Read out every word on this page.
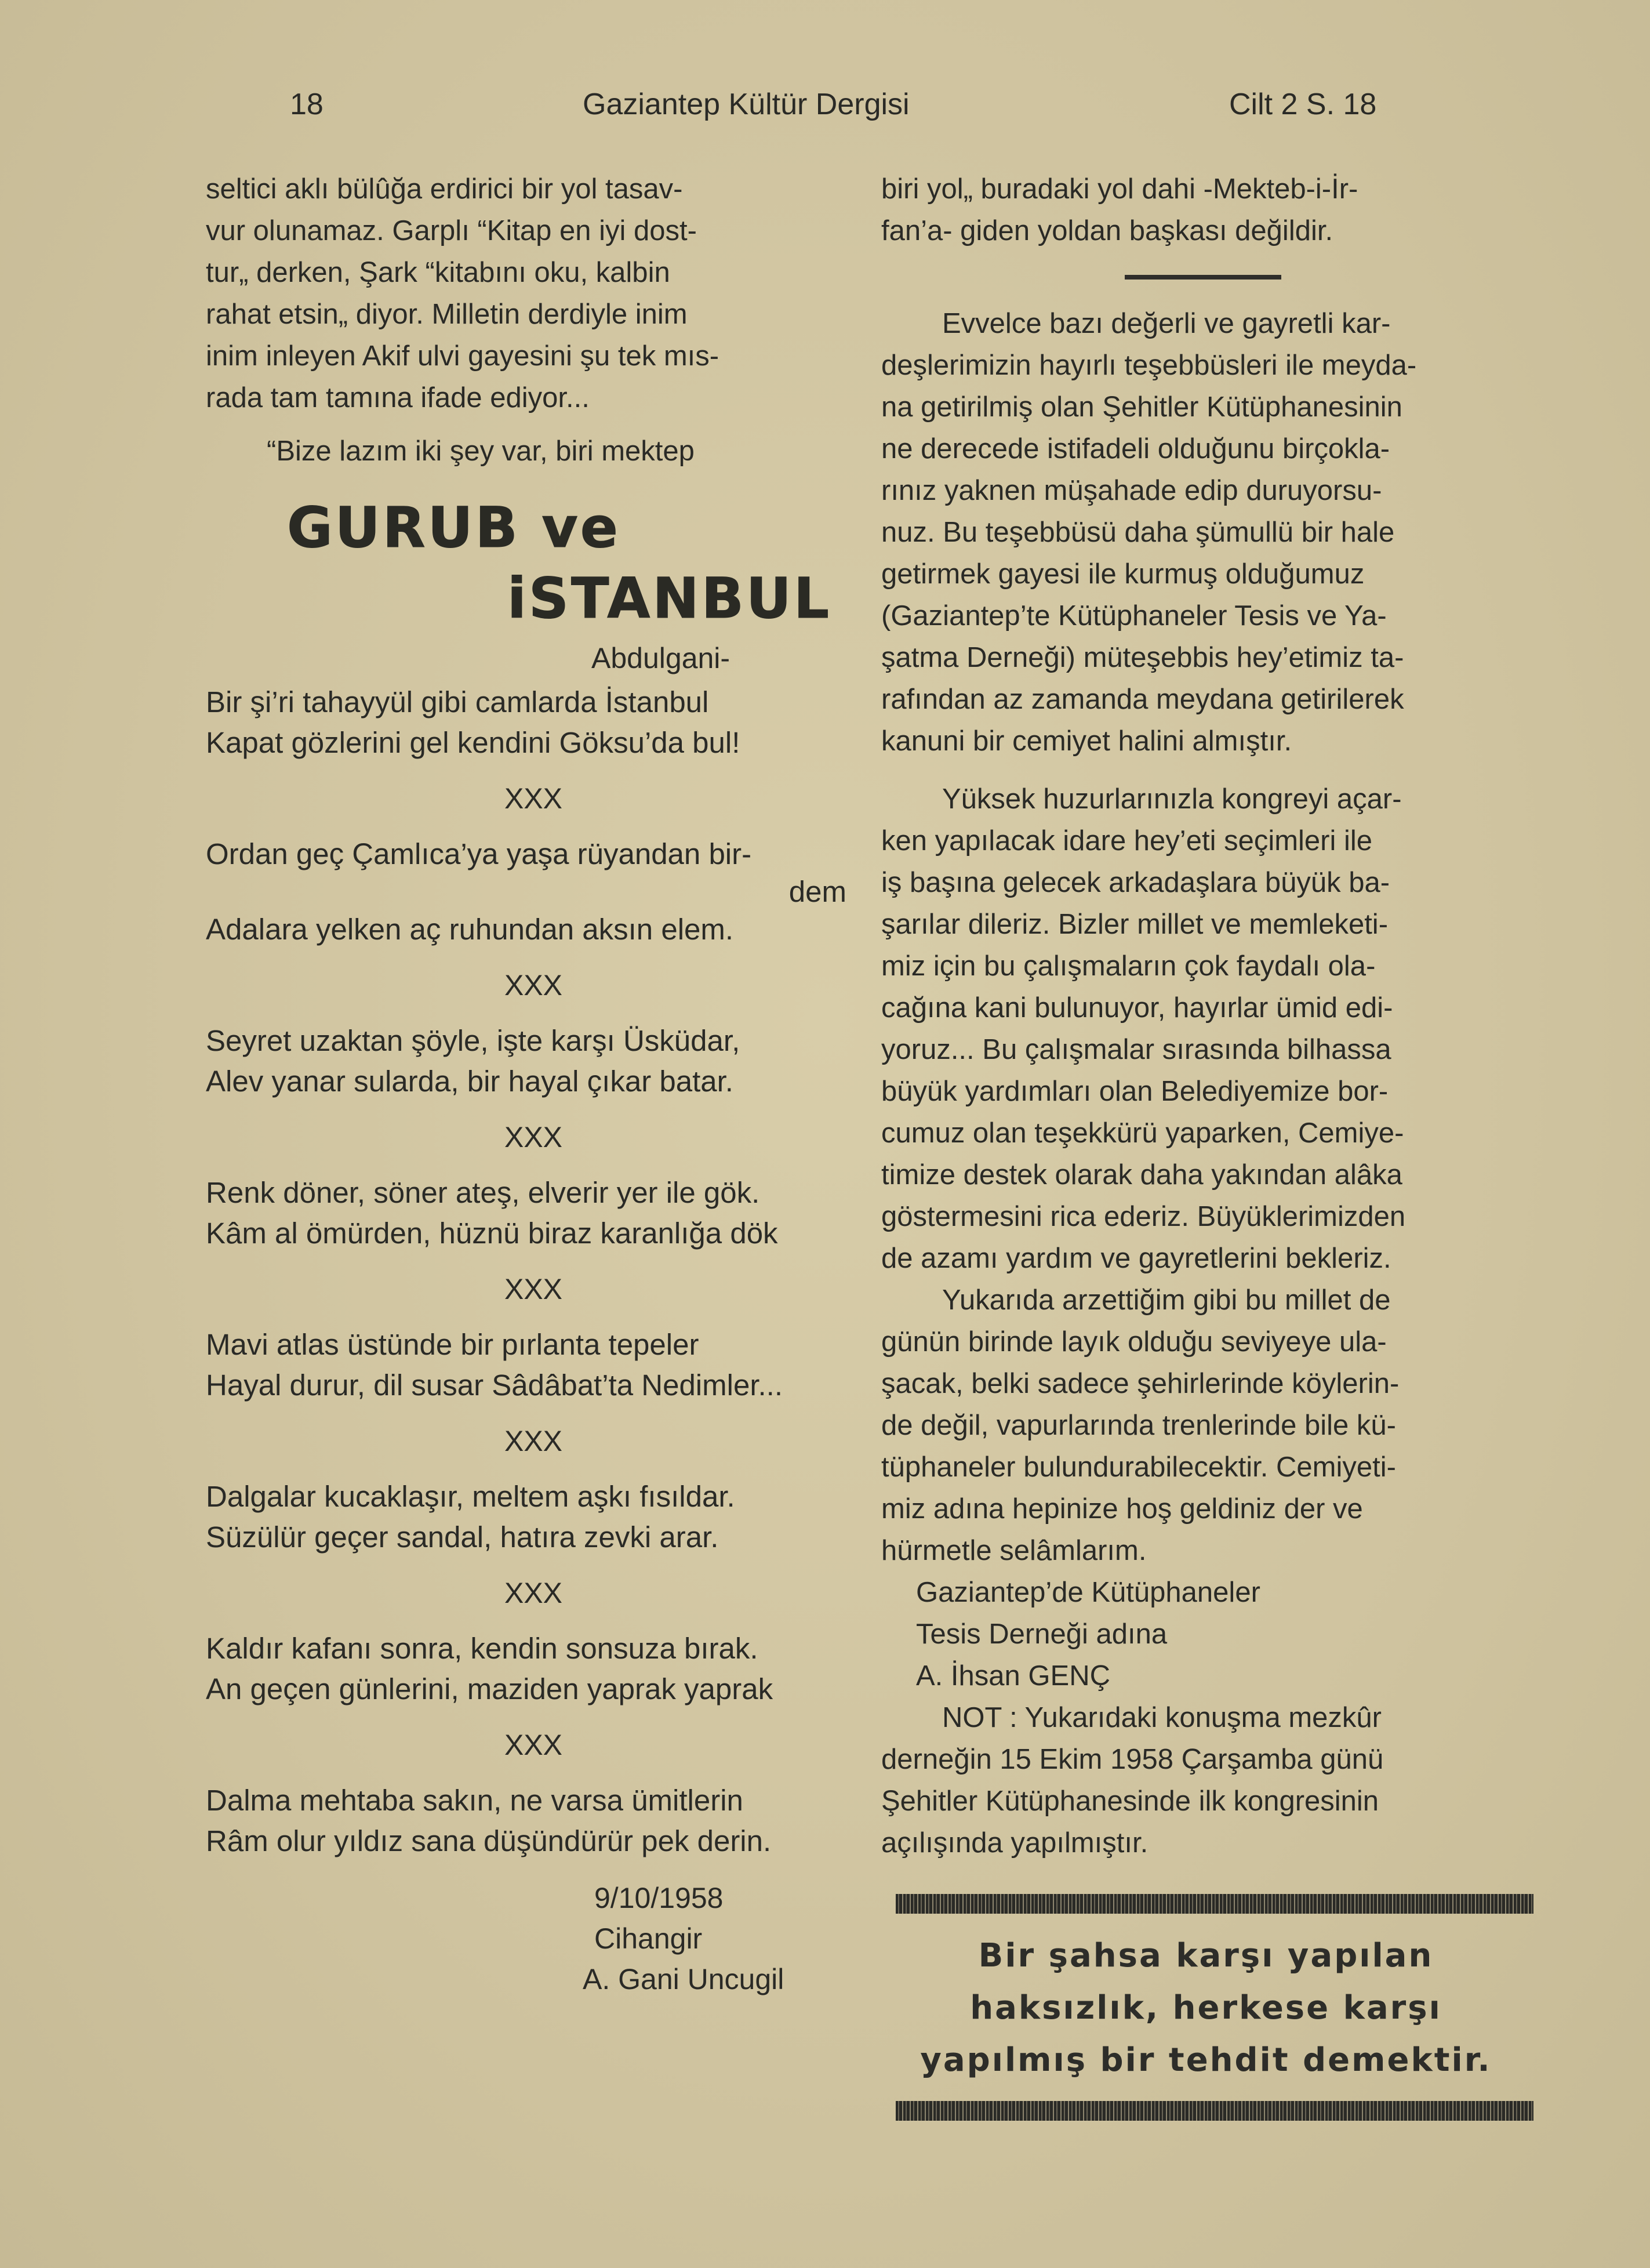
18	Gaziantep Kültür Dergisi	Cilt 2 S. 18

seltici aklı bülûğa erdirici bir yol tasav-

vur olunamaz. Garplı “Kitap en iyi dost-

tur„ derken, Şark “kitabını oku, kalbin

rahat etsin„ diyor. Milletin derdiyle inim

inim inleyen Akif ulvi gayesini şu tek mıs-

rada tam tamına ifade ediyor...

“Bize lazım iki şey var, biri mektep

GURUB ve
iSTANBUL
Abdulgani-

Bir şi’ri tahayyül gibi camlarda İstanbul

Kapat gözlerini gel kendini Göksu’da bul!

XXX

Ordan geç Çamlıca’ya yaşa rüyandan bir-

dem

Adalara yelken aç ruhundan aksın elem.

XXX

Seyret uzaktan şöyle, işte karşı Üsküdar,

Alev yanar sularda, bir hayal çıkar batar.

XXX

Renk döner, söner ateş, elverir yer ile gök.

Kâm al ömürden, hüznü biraz karanlığa dök

XXX

Mavi atlas üstünde bir pırlanta tepeler

Hayal durur, dil susar Sâdâbat’ta Nedimler...

XXX

Dalgalar kucaklaşır, meltem aşkı fısıldar.

Süzülür geçer sandal, hatıra zevki arar.

XXX

Kaldır kafanı sonra, kendin sonsuza bırak.

An geçen günlerini, maziden yaprak yaprak

XXX

Dalma mehtaba sakın, ne varsa ümitlerin

Râm olur yıldız sana düşündürür pek derin.

9/10/1958

Cihangir

A. Gani Uncugil

biri yol„ buradaki yol dahi -Mekteb-i-İr-

fan’a- giden yoldan başkası değildir.

Evvelce bazı değerli ve gayretli kar-

deşlerimizin hayırlı teşebbüsleri ile meyda-

na getirilmiş olan Şehitler Kütüphanesinin

ne derecede istifadeli olduğunu birçokla-

rınız yaknen müşahade edip duruyorsu-

nuz. Bu teşebbüsü daha şümullü bir hale

getirmek gayesi ile kurmuş olduğumuz

(Gaziantep’te Kütüphaneler Tesis ve Ya-

şatma Derneği) müteşebbis hey’etimiz ta-

rafından az zamanda meydana getirilerek

kanuni bir cemiyet halini almıştır.

Yüksek huzurlarınızla kongreyi açar-

ken yapılacak idare hey’eti seçimleri ile

iş başına gelecek arkadaşlara büyük ba-

şarılar dileriz. Bizler millet ve memleketi-

miz için bu çalışmaların çok faydalı ola-

cağına kani bulunuyor, hayırlar ümid edi-

yoruz... Bu çalışmalar sırasında bilhassa

büyük yardımları olan Belediyemize bor-

cumuz olan teşekkürü yaparken, Cemiye-

timize destek olarak daha yakından alâka

göstermesini rica ederiz. Büyüklerimizden

de azamı yardım ve gayretlerini bekleriz.

Yukarıda arzettiğim gibi bu millet de

günün birinde layık olduğu seviyeye ula-

şacak, belki sadece şehirlerinde köylerin-

de değil, vapurlarında trenlerinde bile kü-

tüphaneler bulundurabilecektir. Cemiyeti-

miz adına hepinize hoş geldiniz der ve

hürmetle selâmlarım.

Gaziantep’de Kütüphaneler

Tesis Derneği adına

A. İhsan GENÇ

NOT : Yukarıdaki konuşma mezkûr

derneğin 15 Ekim 1958 Çarşamba günü

Şehitler Kütüphanesinde ilk kongresinin

açılışında yapılmıştır.

Bir şahsa karşı yapılan
haksızlık, herkese karşı
yapılmış bir tehdit demektir.
